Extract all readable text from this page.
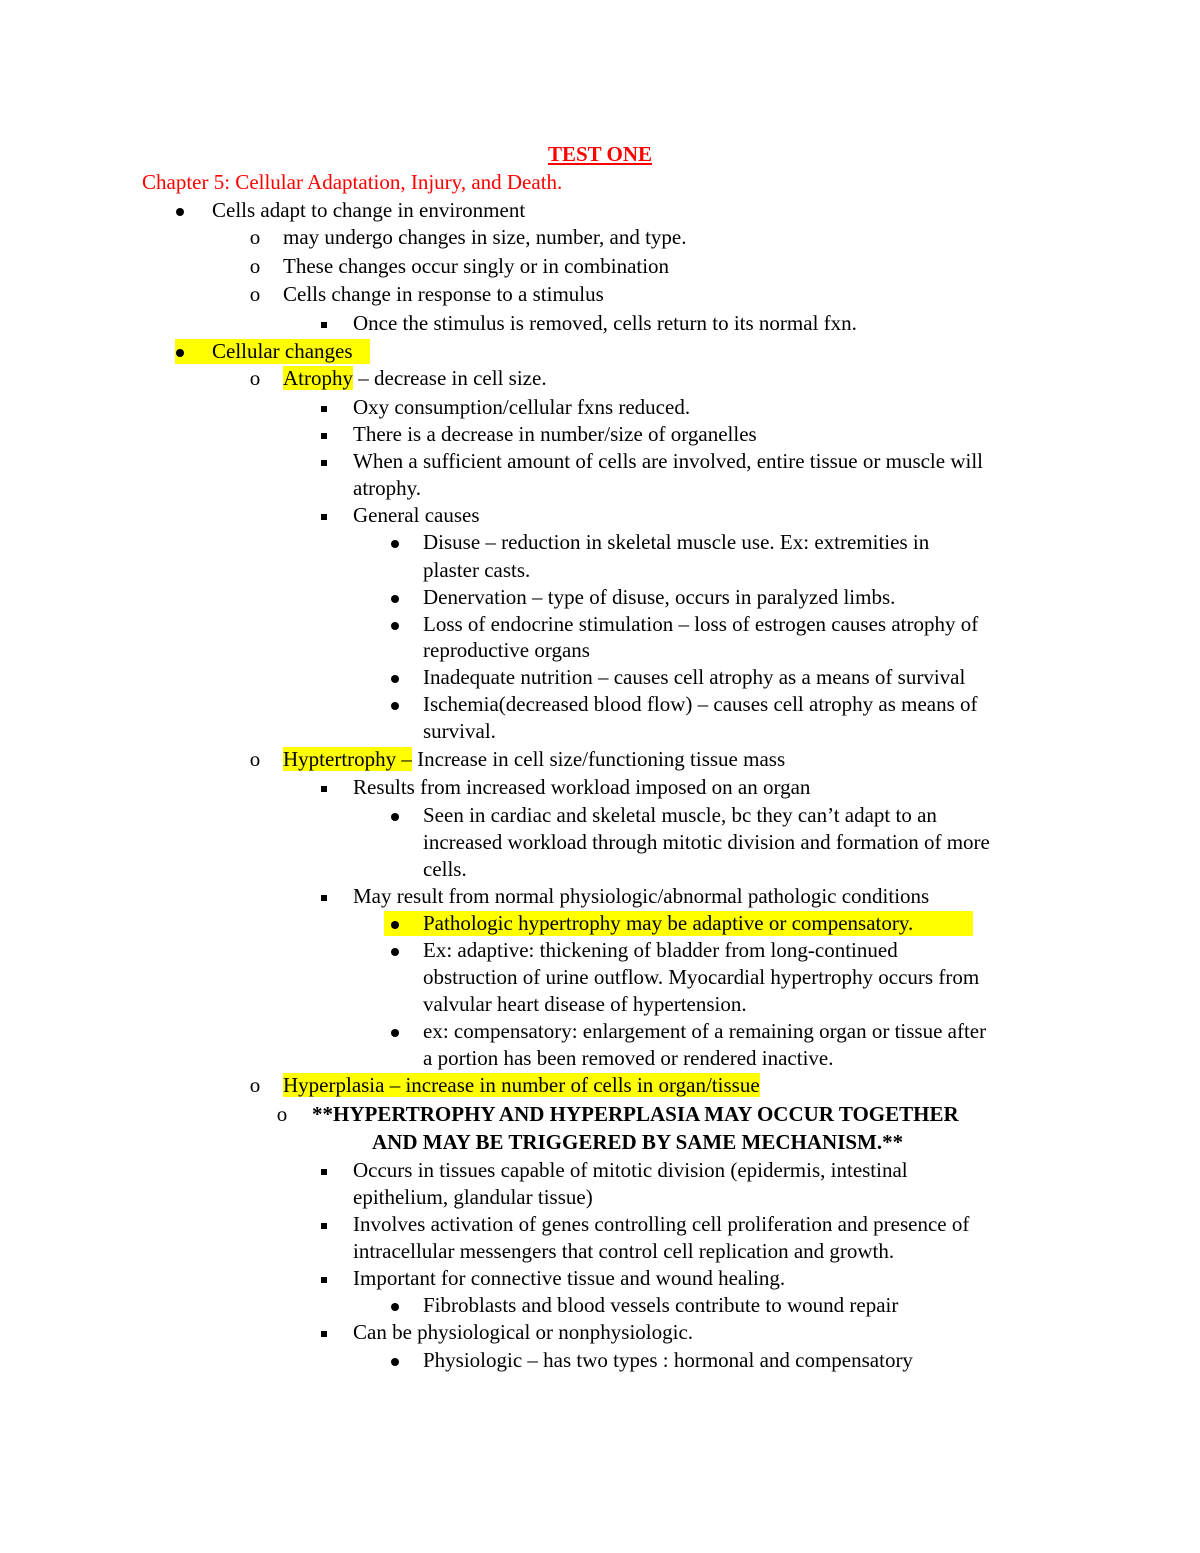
TEST ONE
Chapter 5: Cellular Adaptation, Injury, and Death.
Cells adapt to change in environment
o may undergo changes in size, number, and type.
o These changes occur singly or in combination
o Cells change in response to a stimulus
Once the stimulus is removed, cells return to its normal fxn.
Cellular changes
o Atrophy – decrease in cell size.
Oxy consumption/cellular fxns reduced.
There is a decrease in number/size of organelles
When a sufficient amount of cells are involved, entire tissue or muscle will
atrophy.
General causes
Disuse – reduction in skeletal muscle use. Ex: extremities in
plaster casts.
Denervation – type of disuse, occurs in paralyzed limbs.
Loss of endocrine stimulation – loss of estrogen causes atrophy of
reproductive organs
Inadequate nutrition – causes cell atrophy as a means of survival
Ischemia(decreased blood flow) – causes cell atrophy as means of
survival.
o Hyptertrophy – Increase in cell size/functioning tissue mass
Results from increased workload imposed on an organ
Seen in cardiac and skeletal muscle, bc they can’t adapt to an
increased workload through mitotic division and formation of more
cells.
May result from normal physiologic/abnormal pathologic conditions
Pathologic hypertrophy may be adaptive or compensatory.
Ex: adaptive: thickening of bladder from long-continued
obstruction of urine outflow. Myocardial hypertrophy occurs from
valvular heart disease of hypertension.
ex: compensatory: enlargement of a remaining organ or tissue after
a portion has been removed or rendered inactive.
o Hyperplasia – increase in number of cells in organ/tissue
o **HYPERTROPHY AND HYPERPLASIA MAY OCCUR TOGETHER
AND MAY BE TRIGGERED BY SAME MECHANISM.**
Occurs in tissues capable of mitotic division (epidermis, intestinal
epithelium, glandular tissue)
Involves activation of genes controlling cell proliferation and presence of
intracellular messengers that control cell replication and growth.
Important for connective tissue and wound healing.
Fibroblasts and blood vessels contribute to wound repair
Can be physiological or nonphysiologic.
Physiologic – has two types : hormonal and compensatory
